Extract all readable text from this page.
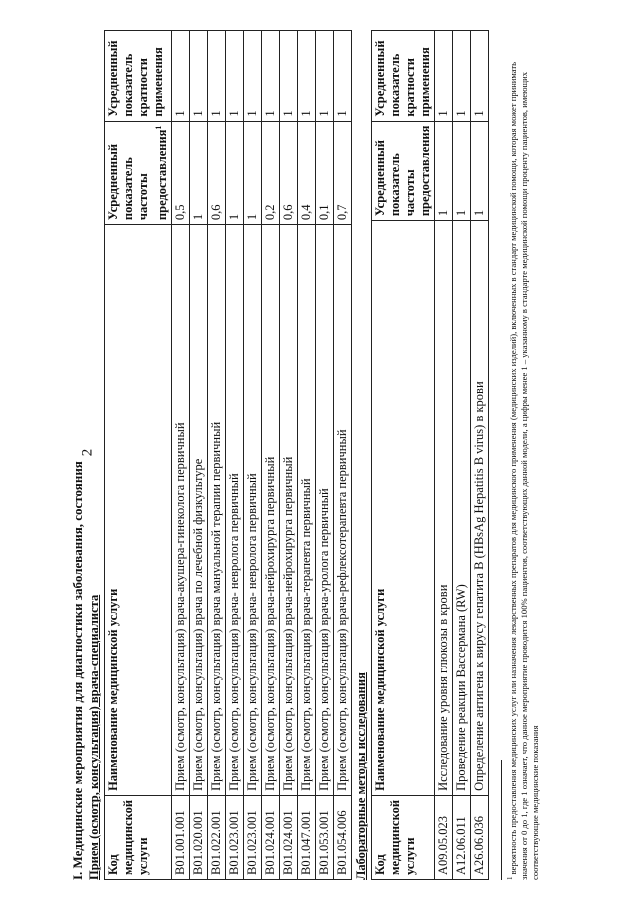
2
I. Медицинские мероприятия для диагностики заболевания, состояния Прием (осмотр, консультация) врача-специалиста Код медицинской услуги	Наименование медицинской услуги	Усредненный показатель частоты предоставления$^1$	Усредненный показатель кратности применения
B01.001.001	Прием (осмотр, консультация) врача-акушера-гинеколога первичный	0,5	1
B01.020.001	Прием (осмотр, консультация) врача по лечебной физкультуре	1	1
B01.022.001	Прием (осмотр, консультация) врача мануальной терапии первичный	0,6	1
B01.023.001	Прием (осмотр, консультация) врача- невролога первичный	1	1
B01.023.001	Прием (осмотр, консультация) врача- невролога первичный	1	1
B01.024.001	Прием (осмотр, консультация) врача-нейрохирурга первичный	0,2	1
B01.024.001	Прием (осмотр, консультация) врача-нейрохирурга первичный	0,6	1
B01.047.001	Прием (осмотр, консультация) врача-терапевта первичный	0,4	1
B01.053.001	Прием (осмотр, консультация) врача-уролога первичный	0,1	1
B01.054.006	Прием (осмотр, консультация) врача-рефлексотерапевта первичный	0,7	1
Лабораторные методы исследования Код медицинской услуги	Наименование медицинской услуги	Усредненный показатель частоты предоставления	Усредненный показатель кратности применения
A09.05.023	Исследование уровня глюкозы в крови	1	1
A12.06.011	Проведение реакции Вассермана (RW)	1	1
A26.06.036	Определение антигена к вирусу гепатита B (HBsAg Hepatitis B virus) в крови	1	1
$^1$ вероятность предоставления медицинских услуг или назначения лекарственных препаратов для медицинского применения (медицинских изделий), включенных в стандарт медицинской помощи, которая может принимать значения от 0 до 1, где 1 означает, что данное мероприятие проводится 100% пациентов, соответствующих данной модели, а цифры менее 1 – указанному в стандарте медицинской помощи проценту пациентов, имеющих соответствующие медицинские показания
